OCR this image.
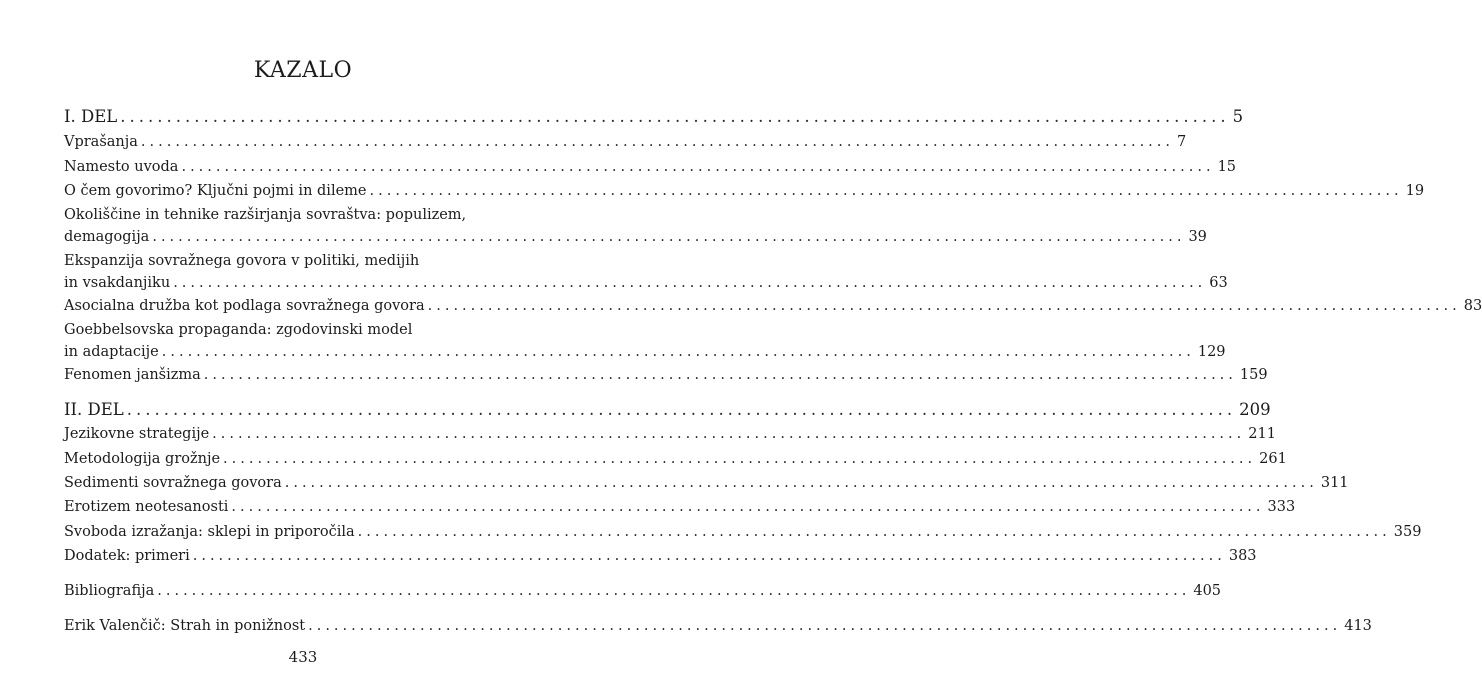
KAZALO
I. DEL ........................................................................................................................ 5
Vprašanja ........................................................................................................................ 7
Namesto uvoda ........................................................................................................................ 15
O čem govorimo? Ključni pojmi in dileme ........................................................................................................................ 19
Okoliščine in tehnike razširjanja sovraštva: populizem,
demagogija ........................................................................................................................ 39
Ekspanzija sovražnega govora v politiki, medijih
in vsakdanjiku ........................................................................................................................ 63
Asocialna družba kot podlaga sovražnega govora ........................................................................................................................ 83
Goebbelsovska propaganda: zgodovinski model
in adaptacije ........................................................................................................................ 129
Fenomen janšizma ........................................................................................................................ 159
II. DEL ........................................................................................................................ 209
Jezikovne strategije ........................................................................................................................ 211
Metodologija grožnje ........................................................................................................................ 261
Sedimenti sovražnega govora ........................................................................................................................ 311
Erotizem neotesanosti ........................................................................................................................ 333
Svoboda izražanja: sklepi in priporočila ........................................................................................................................ 359
Dodatek: primeri ........................................................................................................................ 383
Bibliografija ........................................................................................................................ 405
Erik Valenčič: Strah in ponižnost ........................................................................................................................ 413
433
